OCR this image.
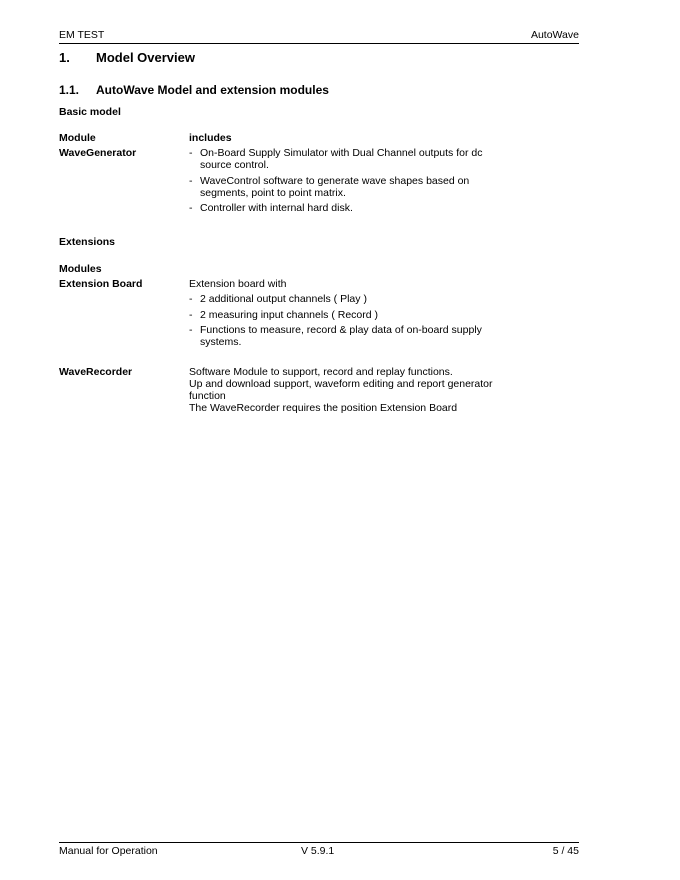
EM TEST	AutoWave
1. Model Overview
1.1. AutoWave Model and extension modules
Basic model
Module	includes
WaveGenerator	- On-Board Supply Simulator with Dual Channel outputs for dc source control.
- WaveControl software to generate wave shapes based on segments, point to point matrix.
- Controller with internal hard disk.
Extensions
Modules
Extension Board	Extension board with
- 2 additional output channels ( Play )
- 2 measuring input channels ( Record )
- Functions to measure, record & play data of on-board supply systems.
WaveRecorder	Software Module to support, record and replay functions.
Up and download support, waveform editing and report generator function
The WaveRecorder requires the position Extension Board
Manual for Operation	V 5.9.1	5 / 45
